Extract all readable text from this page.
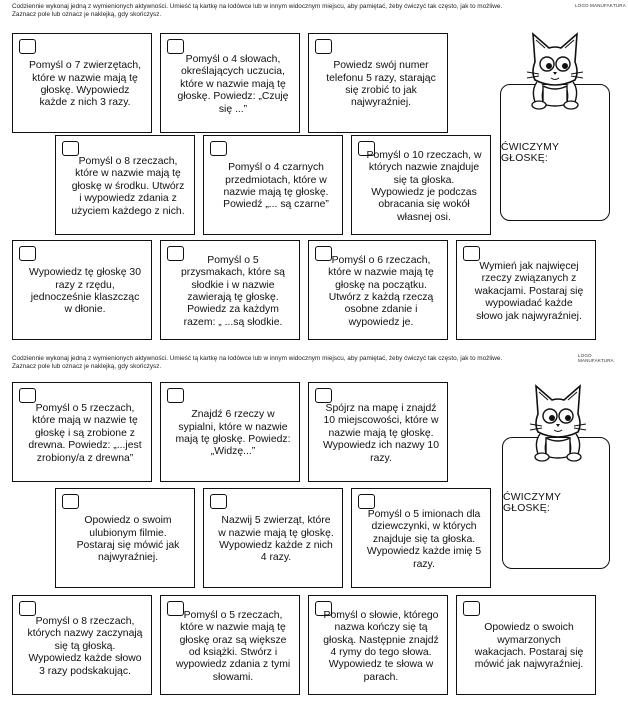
Codziennie wykonaj jedną z wymienionych aktywności. Umieść tą kartkę na lodówce lub w innym widocznym miejscu, aby pamiętać, żeby ćwiczyć tak często, jak to możliwe.
Zaznacz pole lub oznacz je naklejką, gdy skończysz.
LOGO MANUFAKTURA
Pomyśl o 7 zwierzętach, które w nazwie mają tę głoskę. Wypowiedz każde z nich 3 razy.
Pomyśl o 4 słowach, określających uczucia, które w nazwie mają tę głoskę. Powiedz: „Czuję się ...”
Powiedz swój numer telefonu 5 razy, starając się zrobić to jak najwyraźniej.
Pomyśl o 8 rzeczach, które w nazwie mają tę głoskę w środku. Utwórz i wypowiedz zdania z użyciem każdego z nich.
Pomyśl o 4 czarnych przedmiotach, które w nazwie mają tę głoskę. Powiedź „... są czarne”
Pomyśl o 10 rzeczach, w których nazwie znajduje się ta głoska. Wypowiedz je podczas obracania się wokół własnej osi.
Wypowiedz tę głoskę 30 razy z rzędu, jednocześnie klaszcząc w dłonie.
Pomyśl o 5 przysmakach, które są słodkie i w nazwie zawierają tę głoskę. Powiedz za każdym razem: „ ...są słodkie.
Pomyśl o 6 rzeczach, które w nazwie mają tę głoskę na początku. Utwórz z każdą rzeczą osobne zdanie i wypowiedz je.
Wymień jak najwięcej rzeczy związanych z wakacjami. Postaraj się wypowiadać każde słowo jak najwyraźniej.
ĆWICZYMY GŁOSKĘ:
Codziennie wykonaj jedną z wymienionych aktywności. Umieść tą kartkę na lodówce lub w innym widocznym miejscu, aby pamiętać, żeby ćwiczyć tak często, jak to możliwe.
Zaznacz pole lub oznacz je naklejką, gdy skończysz.
LOGO MANUFAKTURA
Pomyśl o 5 rzeczach, które mają w nazwie tę głoskę i są zrobione z drewna. Powiedz: „...jest zrobiony/a z drewna”
Znajdź 6 rzeczy w sypialni, które w nazwie mają tę głoskę. Powiedz: „Widzę...”
Spójrz na mapę i znajdź 10 miejscowości, które w nazwie mają tę głoskę. Wypowiedz ich nazwy 10 razy.
Opowiedz o swoim ulubionym filmie. Postaraj się mówić jak najwyraźniej.
Nazwij 5 zwierząt, które w nazwie mają tę głoskę. Wypowiedz każde z nich 4 razy.
Pomyśl o 5 imionach dla dziewczynki, w których znajduje się ta głoska. Wypowiedz każde imię 5 razy.
Pomyśl o 8 rzeczach, których nazwy zaczynają się tą głoską. Wypowiedz każde słowo 3 razy podskakując.
Pomyśl o 5 rzeczach, które w nazwie mają tę głoskę oraz są większe od książki. Stwórz i wypowiedz zdania z tymi słowami.
Pomyśl o słowie, którego nazwa kończy się tą głoską. Następnie znajdź 4 rymy do tego słowa. Wypowiedz te słowa w parach.
Opowiedz o swoich wymarzonych wakacjach. Postaraj się mówić jak najwyraźniej.
ĆWICZYMY GŁOSKĘ:
